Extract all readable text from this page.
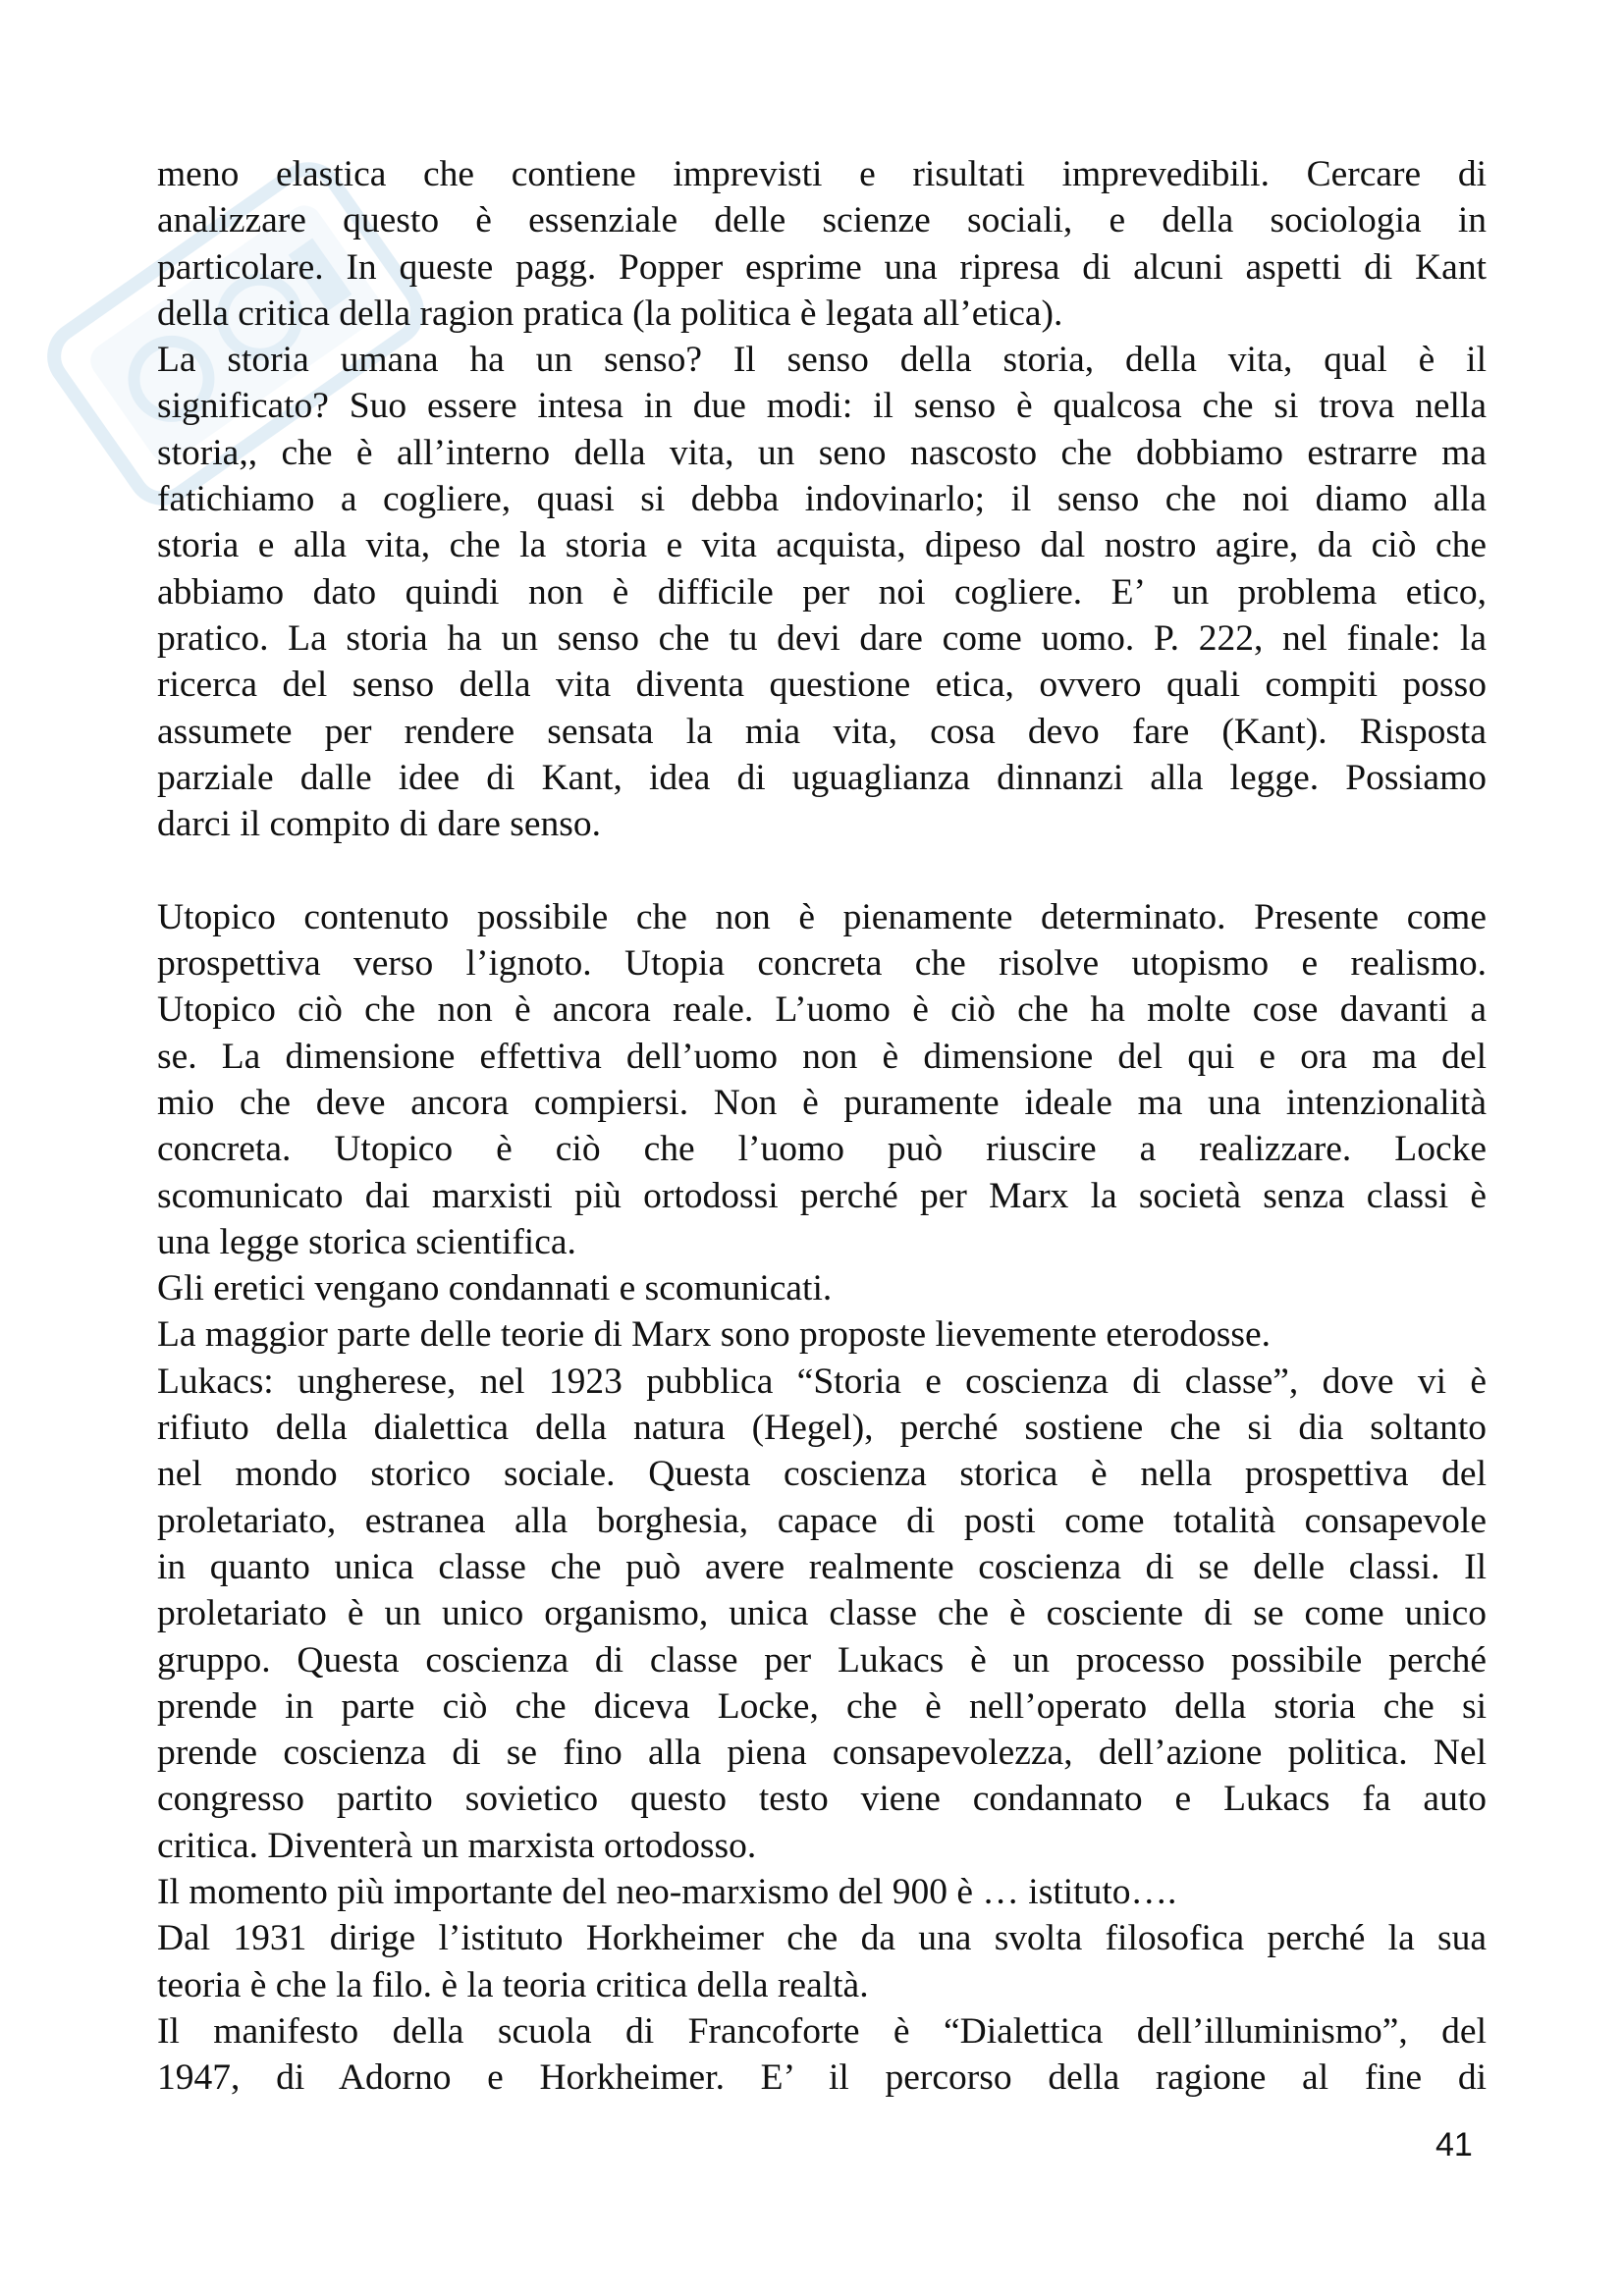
meno elastica che contiene imprevisti e risultati imprevedibili. Cercare di
analizzare questo è essenziale delle scienze sociali, e della sociologia in
particolare. In queste pagg. Popper esprime una ripresa di alcuni aspetti di Kant
della critica della ragion pratica (la politica è legata all’etica).
La storia umana ha un senso? Il senso della storia, della vita, qual è il
significato? Suo essere intesa in due modi: il senso è qualcosa che si trova nella
storia,, che è all’interno della vita, un seno nascosto che dobbiamo estrarre ma
fatichiamo a cogliere, quasi si debba indovinarlo; il senso che noi diamo alla
storia e alla vita, che la storia e vita acquista, dipeso dal nostro agire, da ciò che
abbiamo dato quindi non è difficile per noi cogliere. E’ un problema etico,
pratico. La storia ha un senso che tu devi dare come uomo. P. 222, nel finale: la
ricerca del senso della vita diventa questione etica, ovvero quali compiti posso
assumete per rendere sensata la mia vita, cosa devo fare (Kant). Risposta
parziale dalle idee di Kant, idea di uguaglianza dinnanzi alla legge. Possiamo
darci il compito di dare senso.
Utopico contenuto possibile che non è pienamente determinato. Presente come
prospettiva verso l’ignoto. Utopia concreta che risolve utopismo e realismo.
Utopico ciò che non è ancora reale. L’uomo è ciò che ha molte cose davanti a
se. La dimensione effettiva dell’uomo non è dimensione del qui e ora ma del
mio che deve ancora compiersi. Non è puramente ideale ma una intenzionalità
concreta. Utopico è ciò che l’uomo può riuscire a realizzare. Locke
scomunicato dai marxisti più ortodossi perché per Marx la società senza classi è
una legge storica scientifica.
Gli eretici vengano condannati e scomunicati.
La maggior parte delle teorie di Marx sono proposte lievemente eterodosse.
Lukacs: ungherese, nel 1923 pubblica “Storia e coscienza di classe”, dove vi è
rifiuto della dialettica della natura (Hegel), perché sostiene che si dia soltanto
nel mondo storico sociale. Questa coscienza storica è nella prospettiva del
proletariato, estranea alla borghesia, capace di posti come totalità consapevole
in quanto unica classe che può avere realmente coscienza di se delle classi. Il
proletariato è un unico organismo, unica classe che è cosciente di se come unico
gruppo. Questa coscienza di classe per Lukacs è un processo possibile perché
prende in parte ciò che diceva Locke, che è nell’operato della storia che si
prende coscienza di se fino alla piena consapevolezza, dell’azione politica. Nel
congresso partito sovietico questo testo viene condannato e Lukacs fa auto
critica. Diventerà un marxista ortodosso.
Il momento più importante del neo-marxismo del 900 è … istituto….
Dal 1931 dirige l’istituto Horkheimer che da una svolta filosofica perché la sua
teoria è che la filo. è la teoria critica della realtà.
Il manifesto della scuola di Francoforte è “Dialettica dell’illuminismo”, del
1947, di Adorno e Horkheimer. E’ il percorso della ragione al fine di
41
